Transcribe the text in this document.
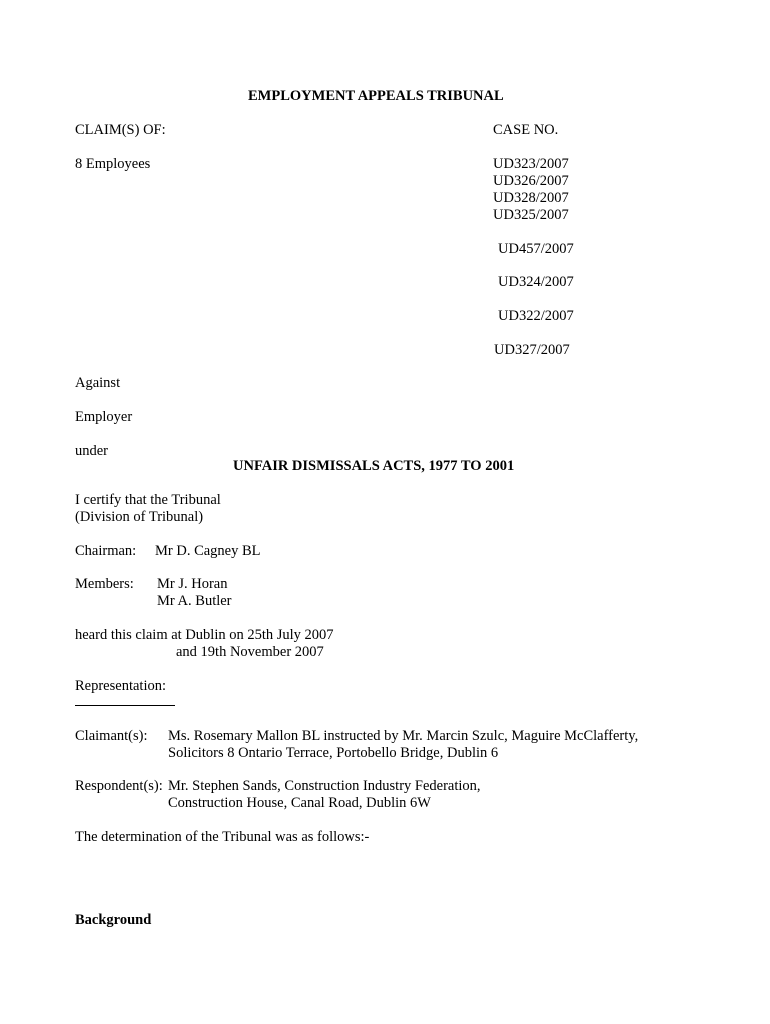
EMPLOYMENT APPEALS TRIBUNAL
CLAIM(S) OF:	CASE NO.
8 Employees	UD323/2007
UD326/2007
UD328/2007
UD325/2007
UD457/2007
UD324/2007
UD322/2007
UD327/2007
Against
Employer
under
UNFAIR DISMISSALS ACTS, 1977 TO 2001
I certify that the Tribunal
(Division of Tribunal)
Chairman: Mr D. Cagney BL
Members: Mr J. Horan
Mr A. Butler
heard this claim at Dublin on 25th July 2007
and 19th November 2007
Representation:
Claimant(s): Ms. Rosemary Mallon BL instructed by Mr. Marcin Szulc, Maguire McClafferty,
Solicitors 8 Ontario Terrace, Portobello Bridge, Dublin 6
Respondent(s): Mr. Stephen Sands, Construction Industry Federation,
Construction House, Canal Road, Dublin 6W
The determination of the Tribunal was as follows:-
Background
